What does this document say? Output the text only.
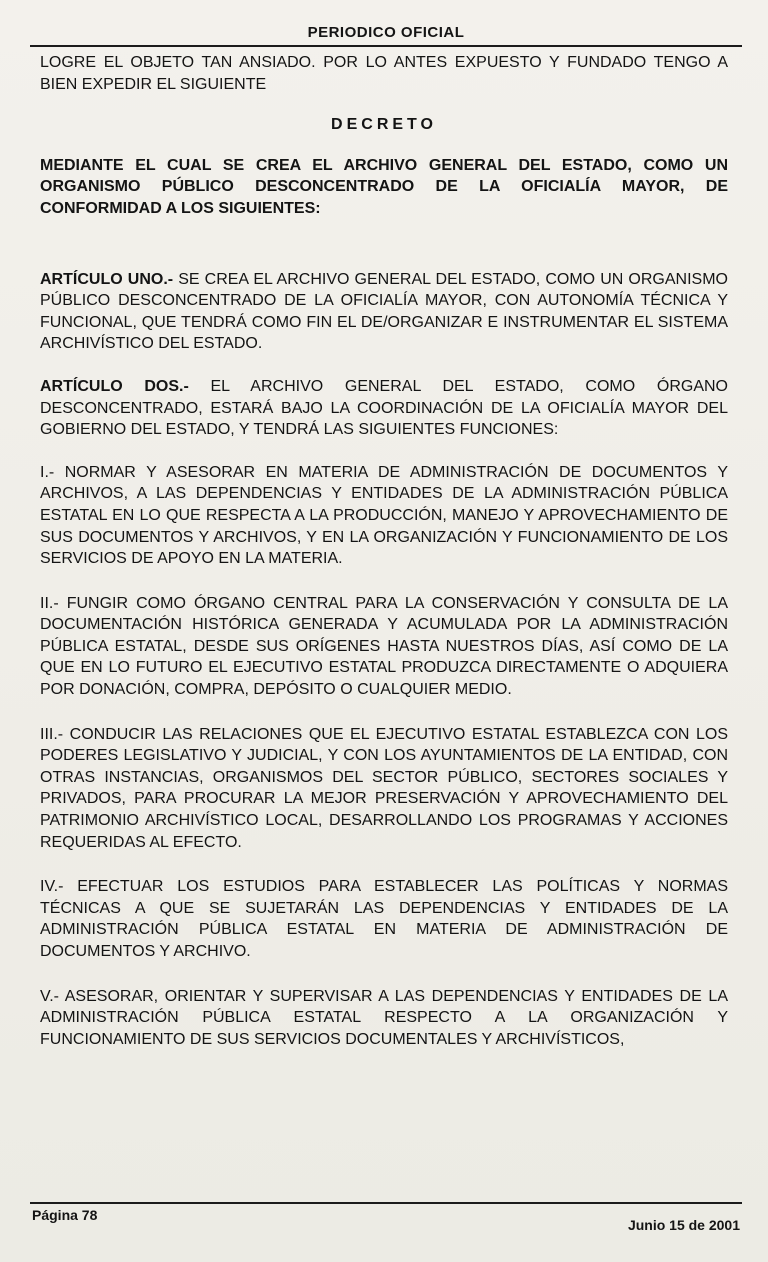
PERIODICO OFICIAL

LOGRE EL OBJETO TAN ANSIADO. POR LO ANTES EXPUESTO Y FUNDADO TENGO A BIEN EXPEDIR EL SIGUIENTE

DECRETO

MEDIANTE EL CUAL SE CREA EL ARCHIVO GENERAL DEL ESTADO, COMO UN ORGANISMO PÚBLICO DESCONCENTRADO DE LA OFICIALÍA MAYOR, DE CONFORMIDAD A LOS SIGUIENTES:

ARTÍCULO UNO.- SE CREA EL ARCHIVO GENERAL DEL ESTADO, COMO UN ORGANISMO PÚBLICO DESCONCENTRADO DE LA OFICIALÍA MAYOR, CON AUTONOMÍA TÉCNICA Y FUNCIONAL, QUE TENDRÁ COMO FIN EL DE/ORGANIZAR E INSTRUMENTAR EL SISTEMA ARCHIVÍSTICO DEL ESTADO.

ARTÍCULO DOS.- EL ARCHIVO GENERAL DEL ESTADO, COMO ÓRGANO DESCONCENTRADO, ESTARÁ BAJO LA COORDINACIÓN DE LA OFICIALÍA MAYOR DEL GOBIERNO DEL ESTADO, Y TENDRÁ LAS SIGUIENTES FUNCIONES:

I.- NORMAR Y ASESORAR EN MATERIA DE ADMINISTRACIÓN DE DOCUMENTOS Y ARCHIVOS, A LAS DEPENDENCIAS Y ENTIDADES DE LA ADMINISTRACIÓN PÚBLICA ESTATAL EN LO QUE RESPECTA A LA PRODUCCIÓN, MANEJO Y APROVECHAMIENTO DE SUS DOCUMENTOS Y ARCHIVOS, Y EN LA ORGANIZACIÓN Y FUNCIONAMIENTO DE LOS SERVICIOS DE APOYO EN LA MATERIA.

II.- FUNGIR COMO ÓRGANO CENTRAL PARA LA CONSERVACIÓN Y CONSULTA DE LA DOCUMENTACIÓN HISTÓRICA GENERADA Y ACUMULADA POR LA ADMINISTRACIÓN PÚBLICA ESTATAL, DESDE SUS ORÍGENES HASTA NUESTROS DÍAS, ASÍ COMO DE LA QUE EN LO FUTURO EL EJECUTIVO ESTATAL PRODUZCA DIRECTAMENTE O ADQUIERA POR DONACIÓN, COMPRA, DEPÓSITO O CUALQUIER MEDIO.

III.- CONDUCIR LAS RELACIONES QUE EL EJECUTIVO ESTATAL ESTABLEZCA CON LOS PODERES LEGISLATIVO Y JUDICIAL, Y CON LOS AYUNTAMIENTOS DE LA ENTIDAD, CON OTRAS INSTANCIAS, ORGANISMOS DEL SECTOR PÚBLICO, SECTORES SOCIALES Y PRIVADOS, PARA PROCURAR LA MEJOR PRESERVACIÓN Y APROVECHAMIENTO DEL PATRIMONIO ARCHIVÍSTICO LOCAL, DESARROLLANDO LOS PROGRAMAS Y ACCIONES REQUERIDAS AL EFECTO.

IV.- EFECTUAR LOS ESTUDIOS PARA ESTABLECER LAS POLÍTICAS Y NORMAS TÉCNICAS A QUE SE SUJETARÁN LAS DEPENDENCIAS Y ENTIDADES DE LA ADMINISTRACIÓN PÚBLICA ESTATAL EN MATERIA DE ADMINISTRACIÓN DE DOCUMENTOS Y ARCHIVO.

V.- ASESORAR, ORIENTAR Y SUPERVISAR A LAS DEPENDENCIAS Y ENTIDADES DE LA ADMINISTRACIÓN PÚBLICA ESTATAL RESPECTO A LA ORGANIZACIÓN Y FUNCIONAMIENTO DE SUS SERVICIOS DOCUMENTALES Y ARCHIVÍSTICOS,

Página 78
Junio 15 de 2001
